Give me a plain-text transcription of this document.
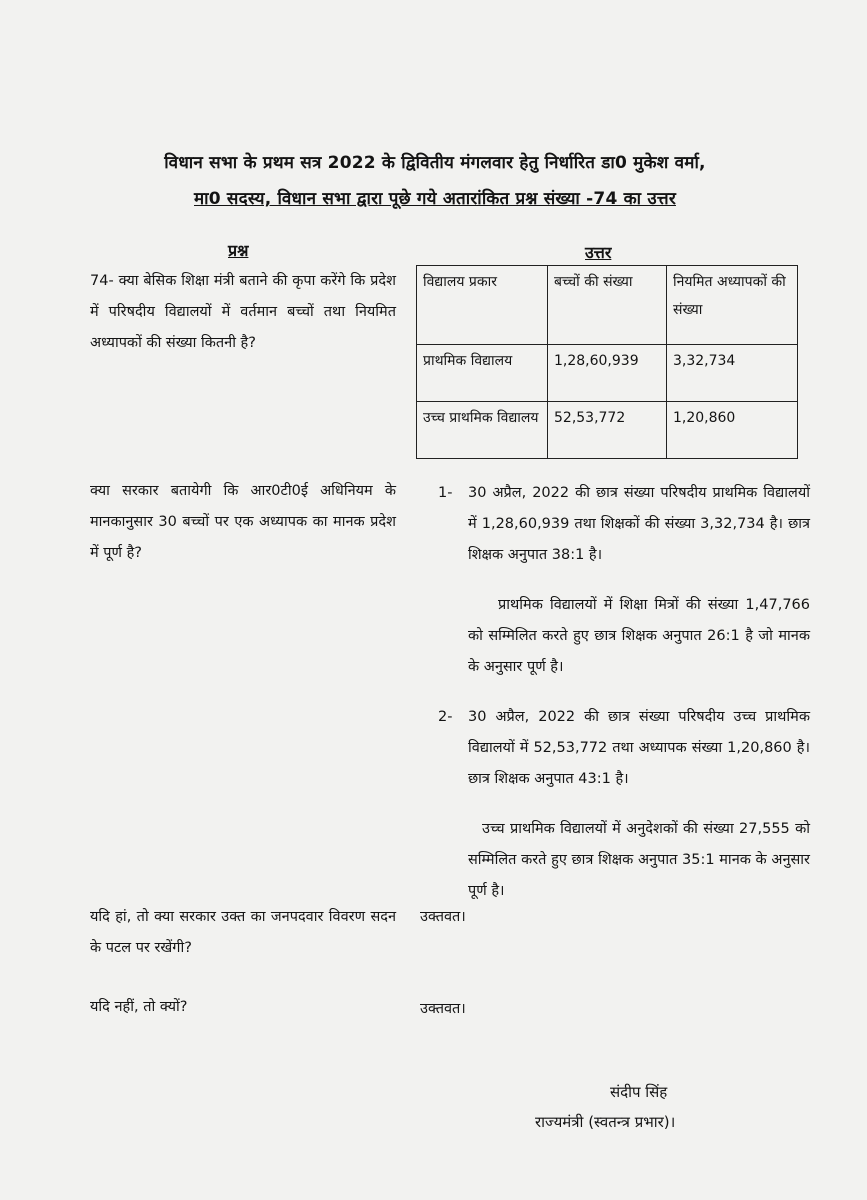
विधान सभा के प्रथम सत्र 2022 के द्विवितीय मंगलवार हेतु निर्धारित डा0 मुकेश वर्मा,
मा0 सदस्य, विधान सभा द्वारा पूछे गये अतारांकित प्रश्न संख्या -74 का उत्तर
प्रश्न	उत्तर
74- क्या बेसिक शिक्षा मंत्री बताने की कृपा करेंगे कि प्रदेश में परिषदीय विद्यालयों में वर्तमान बच्चों तथा नियमित अध्यापकों की संख्या कितनी है?
विद्यालय प्रकार	बच्चों की संख्या	नियमित अध्यापकों की संख्या
प्राथमिक विद्यालय	1,28,60,939	3,32,734
उच्च प्राथमिक विद्यालय	52,53,772	1,20,860
क्या सरकार बतायेगी कि आर0टी0ई अधिनियम के मानकानुसार 30 बच्चों पर एक अध्यापक का मानक प्रदेश में पूर्ण है?
1- 30 अप्रैल, 2022 की छात्र संख्या परिषदीय प्राथमिक विद्यालयों में 1,28,60,939 तथा शिक्षकों की संख्या 3,32,734 है। छात्र शिक्षक अनुपात 38:1 है।
प्राथमिक विद्यालयों में शिक्षा मित्रों की संख्या 1,47,766 को सम्मिलित करते हुए छात्र शिक्षक अनुपात 26:1 है जो मानक के अनुसार पूर्ण है।
2- 30 अप्रैल, 2022 की छात्र संख्या परिषदीय उच्च प्राथमिक विद्यालयों में 52,53,772 तथा अध्यापक संख्या 1,20,860 है। छात्र शिक्षक अनुपात 43:1 है।
उच्च प्राथमिक विद्यालयों में अनुदेशकों की संख्या 27,555 को सम्मिलित करते हुए छात्र शिक्षक अनुपात 35:1 मानक के अनुसार पूर्ण है।
यदि हां, तो क्या सरकार उक्त का जनपदवार विवरण सदन के पटल पर रखेंगी?
उक्तवत।
यदि नहीं, तो क्यों?	उक्तवत।
संदीप सिंह
राज्यमंत्री (स्वतन्त्र प्रभार)।
